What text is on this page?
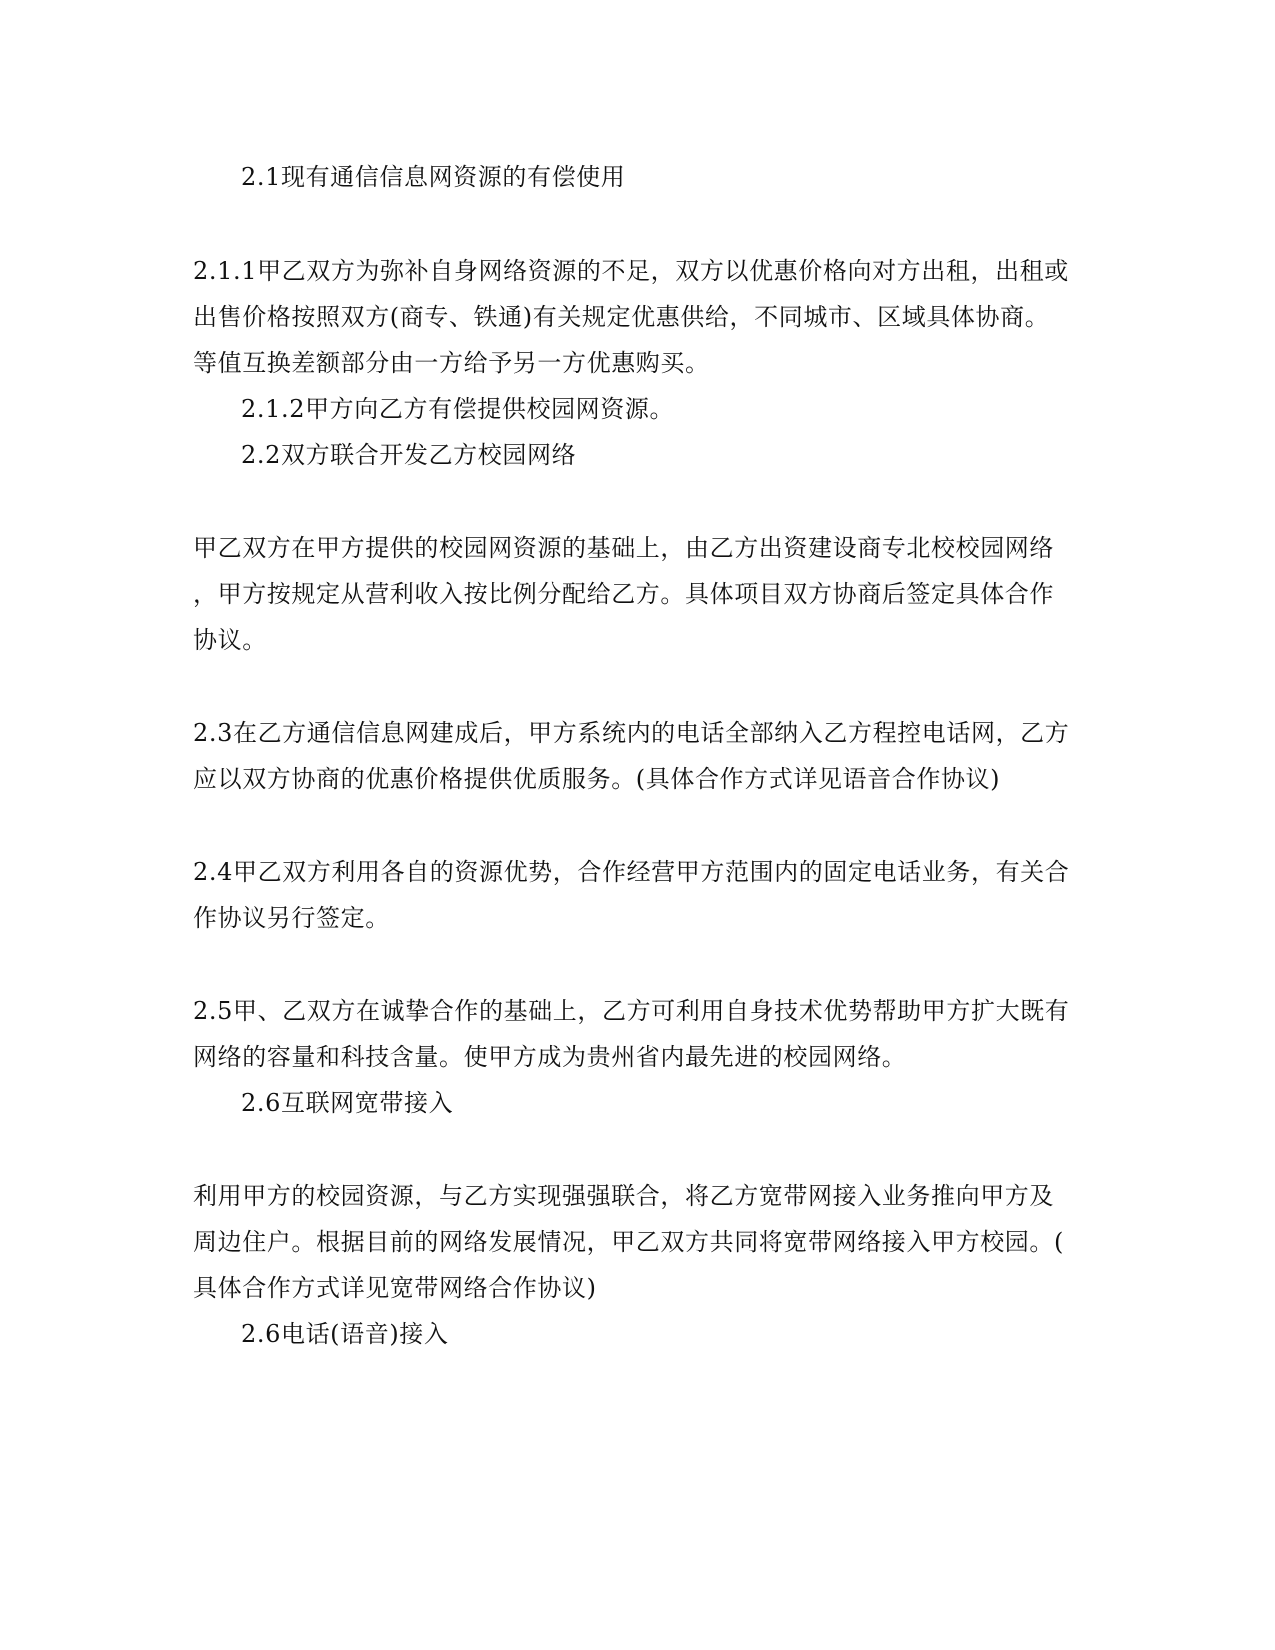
2.1现有通信信息网资源的有偿使用
2.1.1甲乙双方为弥补自身网络资源的不足，双方以优惠价格向对方出租，出租或
出售价格按照双方(商专、铁通)有关规定优惠供给，不同城市、区域具体协商。
等值互换差额部分由一方给予另一方优惠购买。
2.1.2甲方向乙方有偿提供校园网资源。
2.2双方联合开发乙方校园网络
甲乙双方在甲方提供的校园网资源的基础上，由乙方出资建设商专北校校园网络
，甲方按规定从营利收入按比例分配给乙方。具体项目双方协商后签定具体合作
协议。
2.3在乙方通信信息网建成后，甲方系统内的电话全部纳入乙方程控电话网，乙方
应以双方协商的优惠价格提供优质服务。(具体合作方式详见语音合作协议)
2.4甲乙双方利用各自的资源优势，合作经营甲方范围内的固定电话业务，有关合
作协议另行签定。
2.5甲、乙双方在诚挚合作的基础上，乙方可利用自身技术优势帮助甲方扩大既有
网络的容量和科技含量。使甲方成为贵州省内最先进的校园网络。
2.6互联网宽带接入
利用甲方的校园资源，与乙方实现强强联合，将乙方宽带网接入业务推向甲方及
周边住户。根据目前的网络发展情况，甲乙双方共同将宽带网络接入甲方校园。(
具体合作方式详见宽带网络合作协议)
2.6电话(语音)接入
